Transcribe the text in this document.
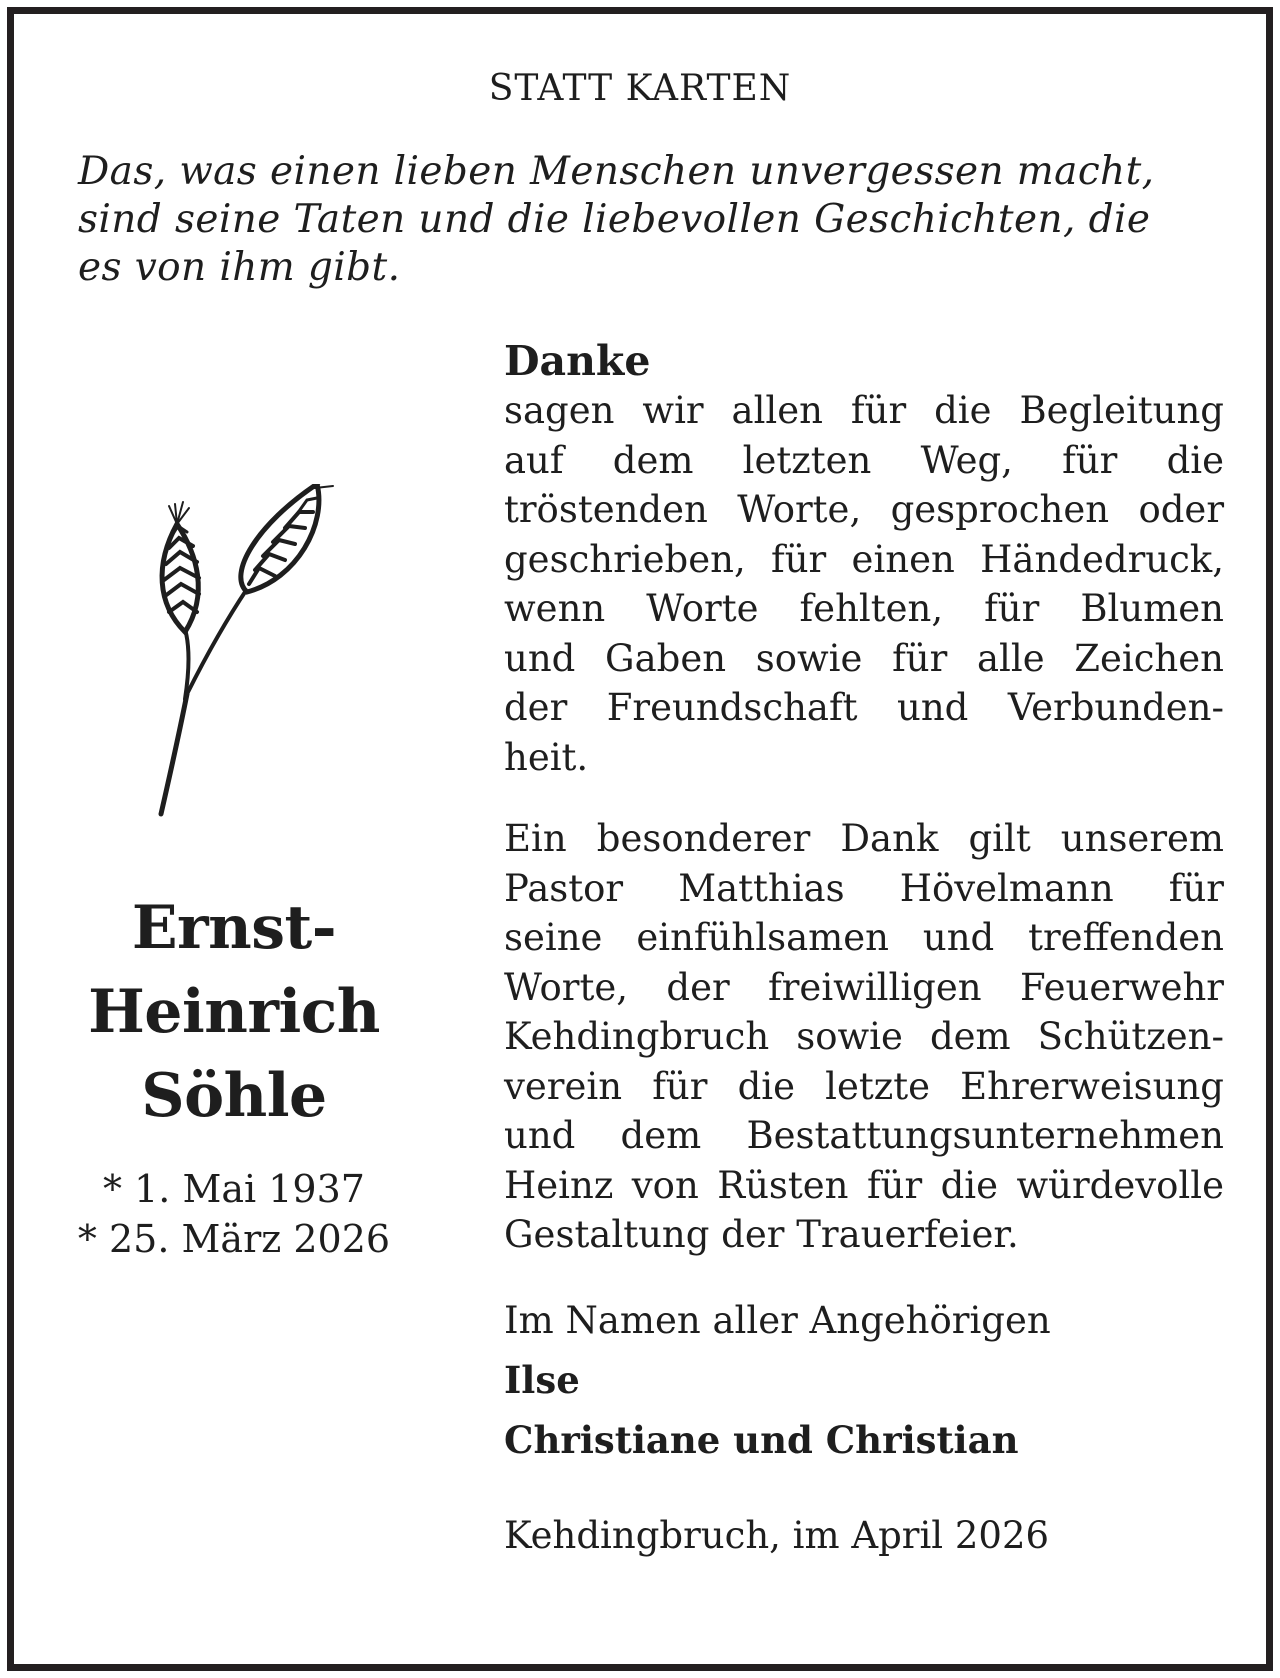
STATT KARTEN
Das, was einen lieben Menschen unvergessen macht,
sind seine Taten und die liebevollen Geschichten, die
es von ihm gibt.
Ernst-
Heinrich
Söhle
* 1. Mai 1937
* 25. März 2026

Danke

sagen wir allen für die Begleitung
auf dem letzten Weg, für die
tröstenden Worte, gesprochen oder
geschrieben, für einen Händedruck,
wenn Worte fehlten, für Blumen
und Gaben sowie für alle Zeichen
der Freundschaft und Verbunden-
heit.
Ein besonderer Dank gilt unserem
Pastor Matthias Hövelmann für
seine einfühlsamen und treffenden
Worte, der freiwilligen Feuerwehr
Kehdingbruch sowie dem Schützen-
verein für die letzte Ehrerweisung
und dem Bestattungsunternehmen
Heinz von Rüsten für die würdevolle
Gestaltung der Trauerfeier.
Im Namen aller Angehörigen
Ilse
Christiane und Christian
Kehdingbruch, im April 2026
